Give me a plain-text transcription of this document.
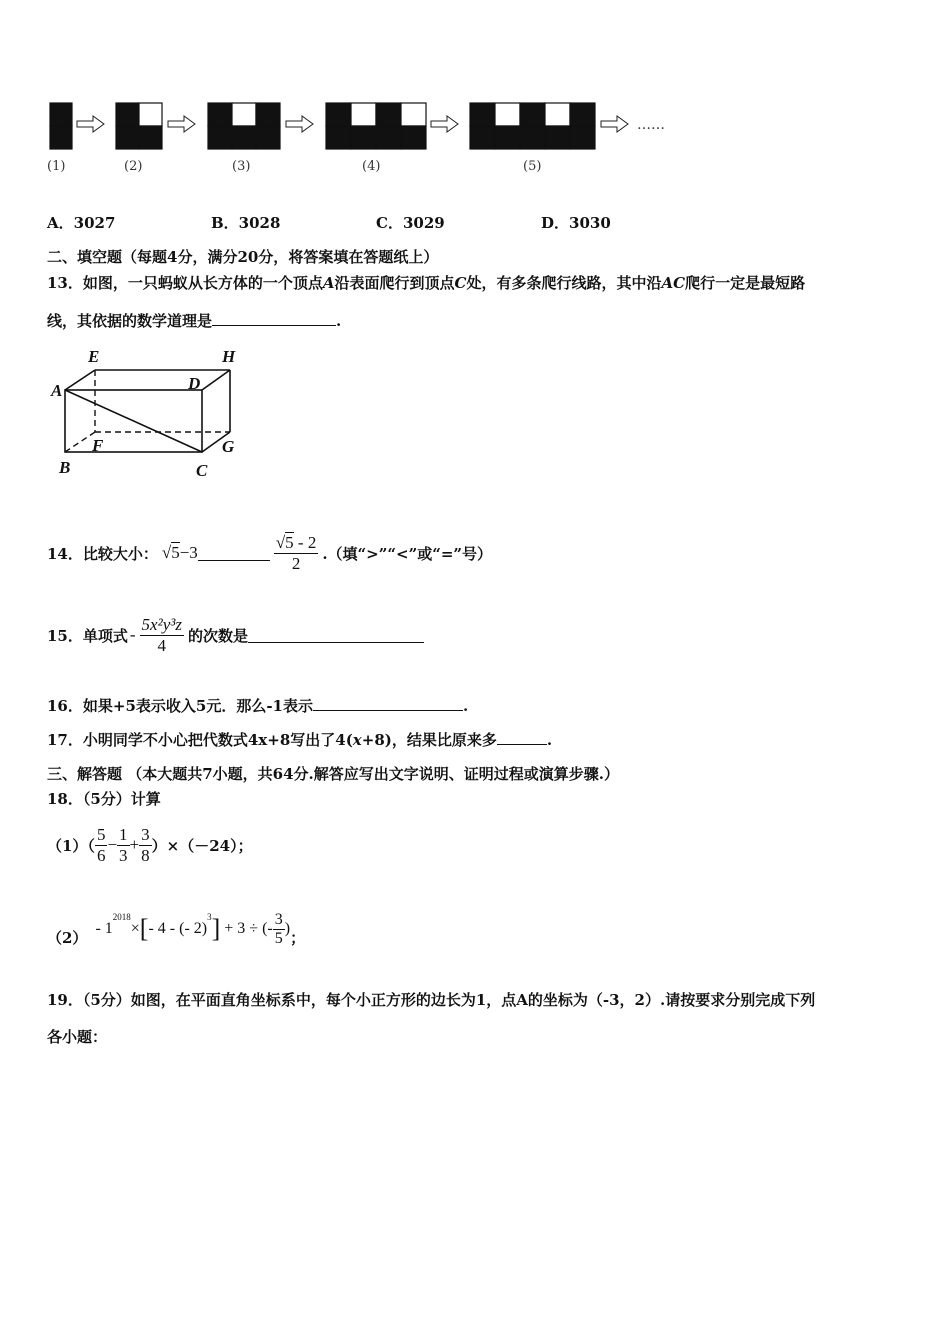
……
(1)	(2)	(3)	(4)	(5)
A．3027	B．3028	C．3029	D．3030
二、填空题（每题4分，满分20分，将答案填在答题纸上）
13．如图，一只蚂蚁从长方体的一个顶点A沿表面爬行到顶点C处，有多条爬行线路，其中沿AC爬行一定是最短路
线，其依据的数学道理是	.
E	H
A	D
F	G
B	C
14．比较大小： √5 −3	$\frac{√5 - 2}{2}$ .（填“>”“<”或“=”号）
15．单项式 - $\frac{\text{5x²y³z}}{4}$ 的次数是
16．如果+5表示收入5元．那么-1表示	.
17．小明同学不小心把代数式4x+8写出了4(x+8)，结果比原来多	.
三、解答题 （本大题共7小题，共64分.解答应写出文字说明、证明过程或演算步骤.）
18．（5分）计算
$(1)( \frac{5}{6} - \frac{1}{3} + \frac{3}{8} )\times(-24)$；
（2）
- 1
$^{2018}$
× [ - 4 - (- 2)
$^3$ ] + 3 ÷ (- $\frac{3}{5}$ )
；
19．（5分）如图，在平面直角坐标系中，每个小正方形的边长为1，点A的坐标为（-3，2）.请按要求分别完成下列
各小题：
